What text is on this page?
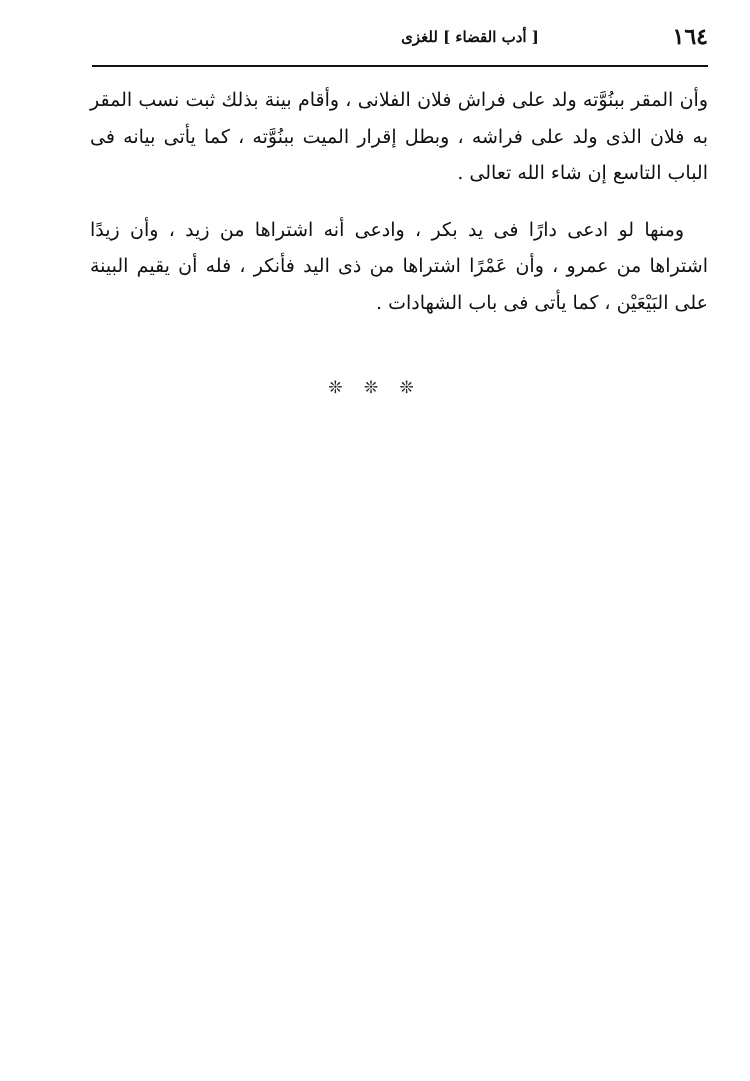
١٦٤
[ أدب القضاء ] للغزى

وأن المقر ببنُوَّته ولد على فراش فلان الفلانى ، وأقام بينة بذلك ثبت نسب المقر به فلان الذى ولد على فراشه ، وبطل إقرار الميت ببنُوَّته ، كما يأتى بيانه فى الباب التاسع إن شاء الله تعالى .

ومنها لو ادعى دارًا فى يد بكر ، وادعى أنه اشتراها من زيد ، وأن زيدًا اشتراها من عمرو ، وأن عَمْرًا اشتراها من ذى اليد فأنكر ، فله أن يقيم البينة على البَيْعَيْن ، كما يأتى فى باب الشهادات .

❊ ❊ ❊
